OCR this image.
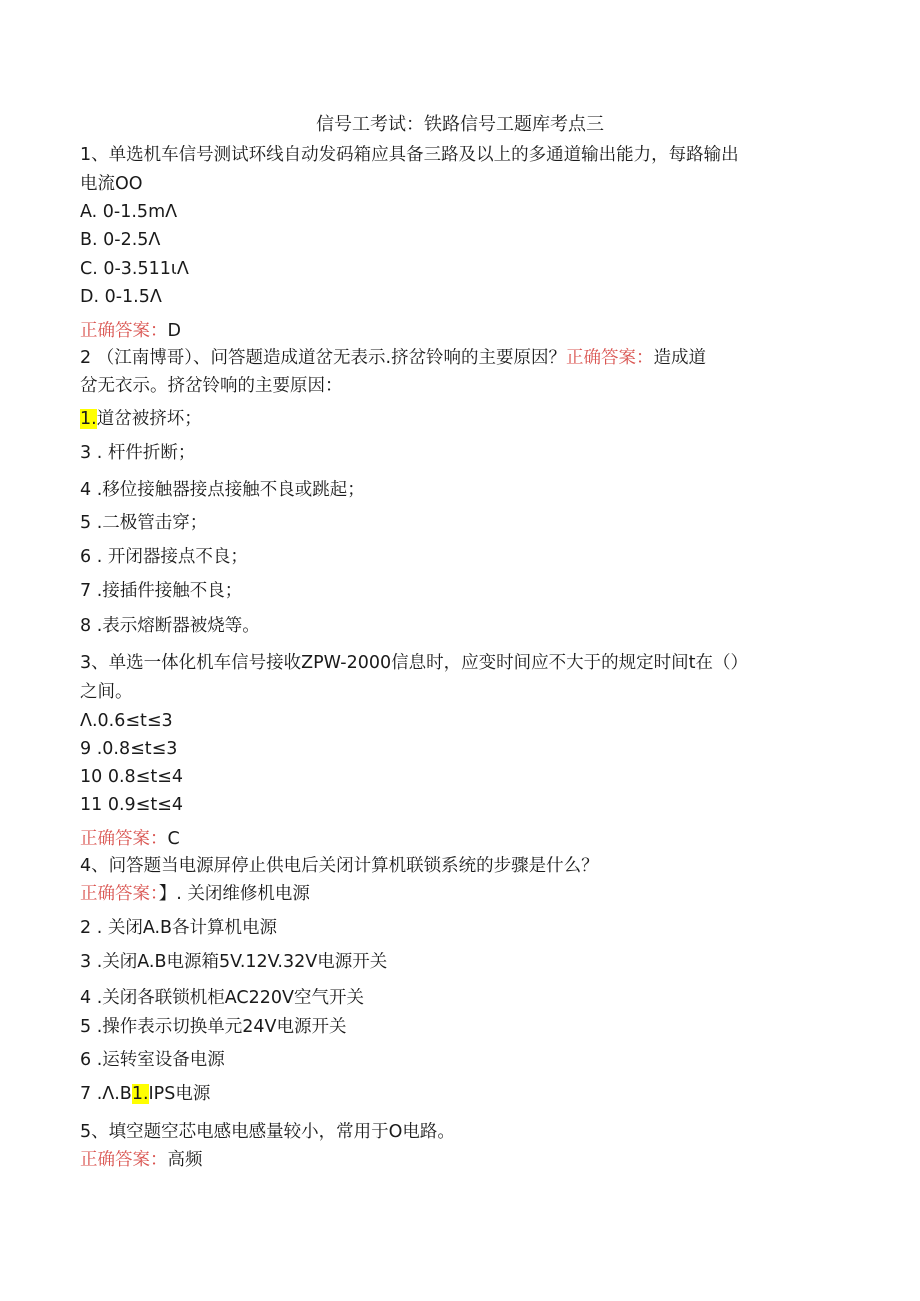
信号工考试：铁路信号工题库考点三
1、单选机车信号测试环线自动发码箱应具备三路及以上的多通道输出能力，每路输出
电流OO
A. 0-1.5mΛ
B. 0-2.5Λ
C. 0-3.511ιΛ
D. 0-1.5Λ
正确答案：D
2 （江南博哥）、问答题造成道岔无表示.挤岔铃响的主要原因？正确答案：造成道
岔无衣示。挤岔铃响的主要原因：
1.道岔被挤坏；
3 . 杆件折断；
4 .移位接触器接点接触不良或跳起；
5 .二极管击穿；
6 . 开闭器接点不良；
7 .接插件接触不良；
8 .表示熔断器被烧等。
3、单选一体化机车信号接收ZPW-2000信息时，应变时间应不大于的规定时间t在（）
之间。
Λ.0.6≤t≤3
9 .0.8≤t≤3
10 0.8≤t≤4
11 0.9≤t≤4
正确答案：C
4、问答题当电源屏停止供电后关闭计算机联锁系统的步骤是什么？
正确答案：】. 关闭维修机电源
2 . 关闭A.B各计算机电源
3 .关闭A.B电源箱5V.12V.32V电源开关
4 .关闭各联锁机柜AC220V空气开关
5 .操作表示切换单元24V电源开关
6 .运转室设备电源
7 .Λ.B1.IPS电源
5、填空题空芯电感电感量较小，常用于O电路。
正确答案：高频
